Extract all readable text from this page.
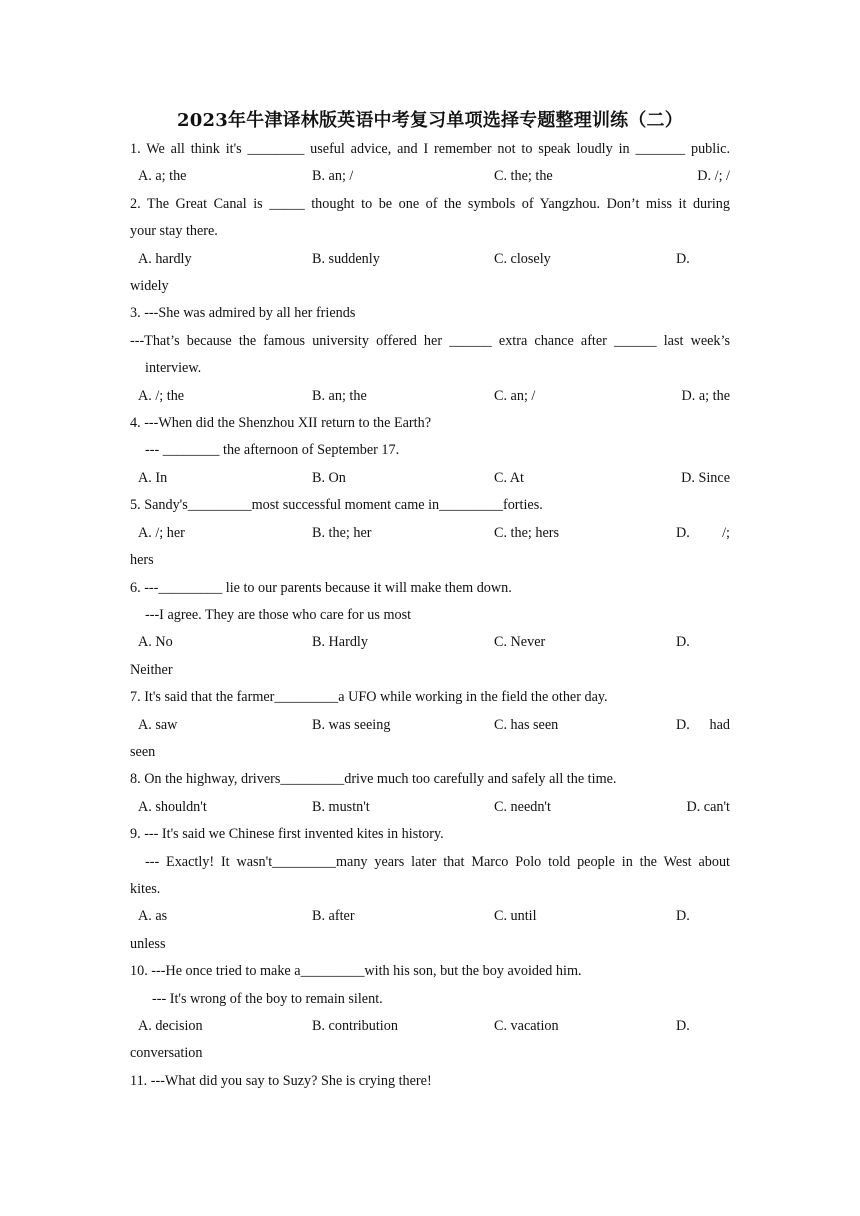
2023年牛津译林版英语中考复习单项选择专题整理训练（二）
1. We all think it's ________ useful advice, and I remember not to speak loudly in _______ public.
A. a; the	B. an; /	C. the; the	D. /; /
2. The Great Canal is _____ thought to be one of the symbols of Yangzhou. Don’t miss it during
your stay there.
A. hardly	B. suddenly	C. closely	D.
widely
3. ---She was admired by all her friends
---That’s because the famous university offered her ______ extra chance after ______ last week’s
interview.
A. /; the	B. an; the	C. an; /	D. a; the
4. ---When did the Shenzhou XII return to the Earth?
--- ________ the afternoon of September 17.
A. In	B. On	C. At	D. Since
5. Sandy's_________most successful moment came in_________forties.
A. /; her	B. the; her	C. the; hers	D. /;
hers
6. ---_________ lie to our parents because it will make them down.
---I agree. They are those who care for us most
A. No	B. Hardly	C. Never	D.
Neither
7. It's said that the farmer_________a UFO while working in the field the other day.
A. saw	B. was seeing	C. has seen	D. had
seen
8. On the highway, drivers_________drive much too carefully and safely all the time.
A. shouldn't	B. mustn't	C. needn't	D. can't
9. --- It's said we Chinese first invented kites in history.
--- Exactly! It wasn't_________many years later that Marco Polo told people in the West about
kites.
A. as	B. after	C. until	D.
unless
10. ---He once tried to make a_________with his son, but the boy avoided him.
--- It's wrong of the boy to remain silent.
A. decision	B. contribution	C. vacation	D.
conversation
11. ---What did you say to Suzy? She is crying there!
